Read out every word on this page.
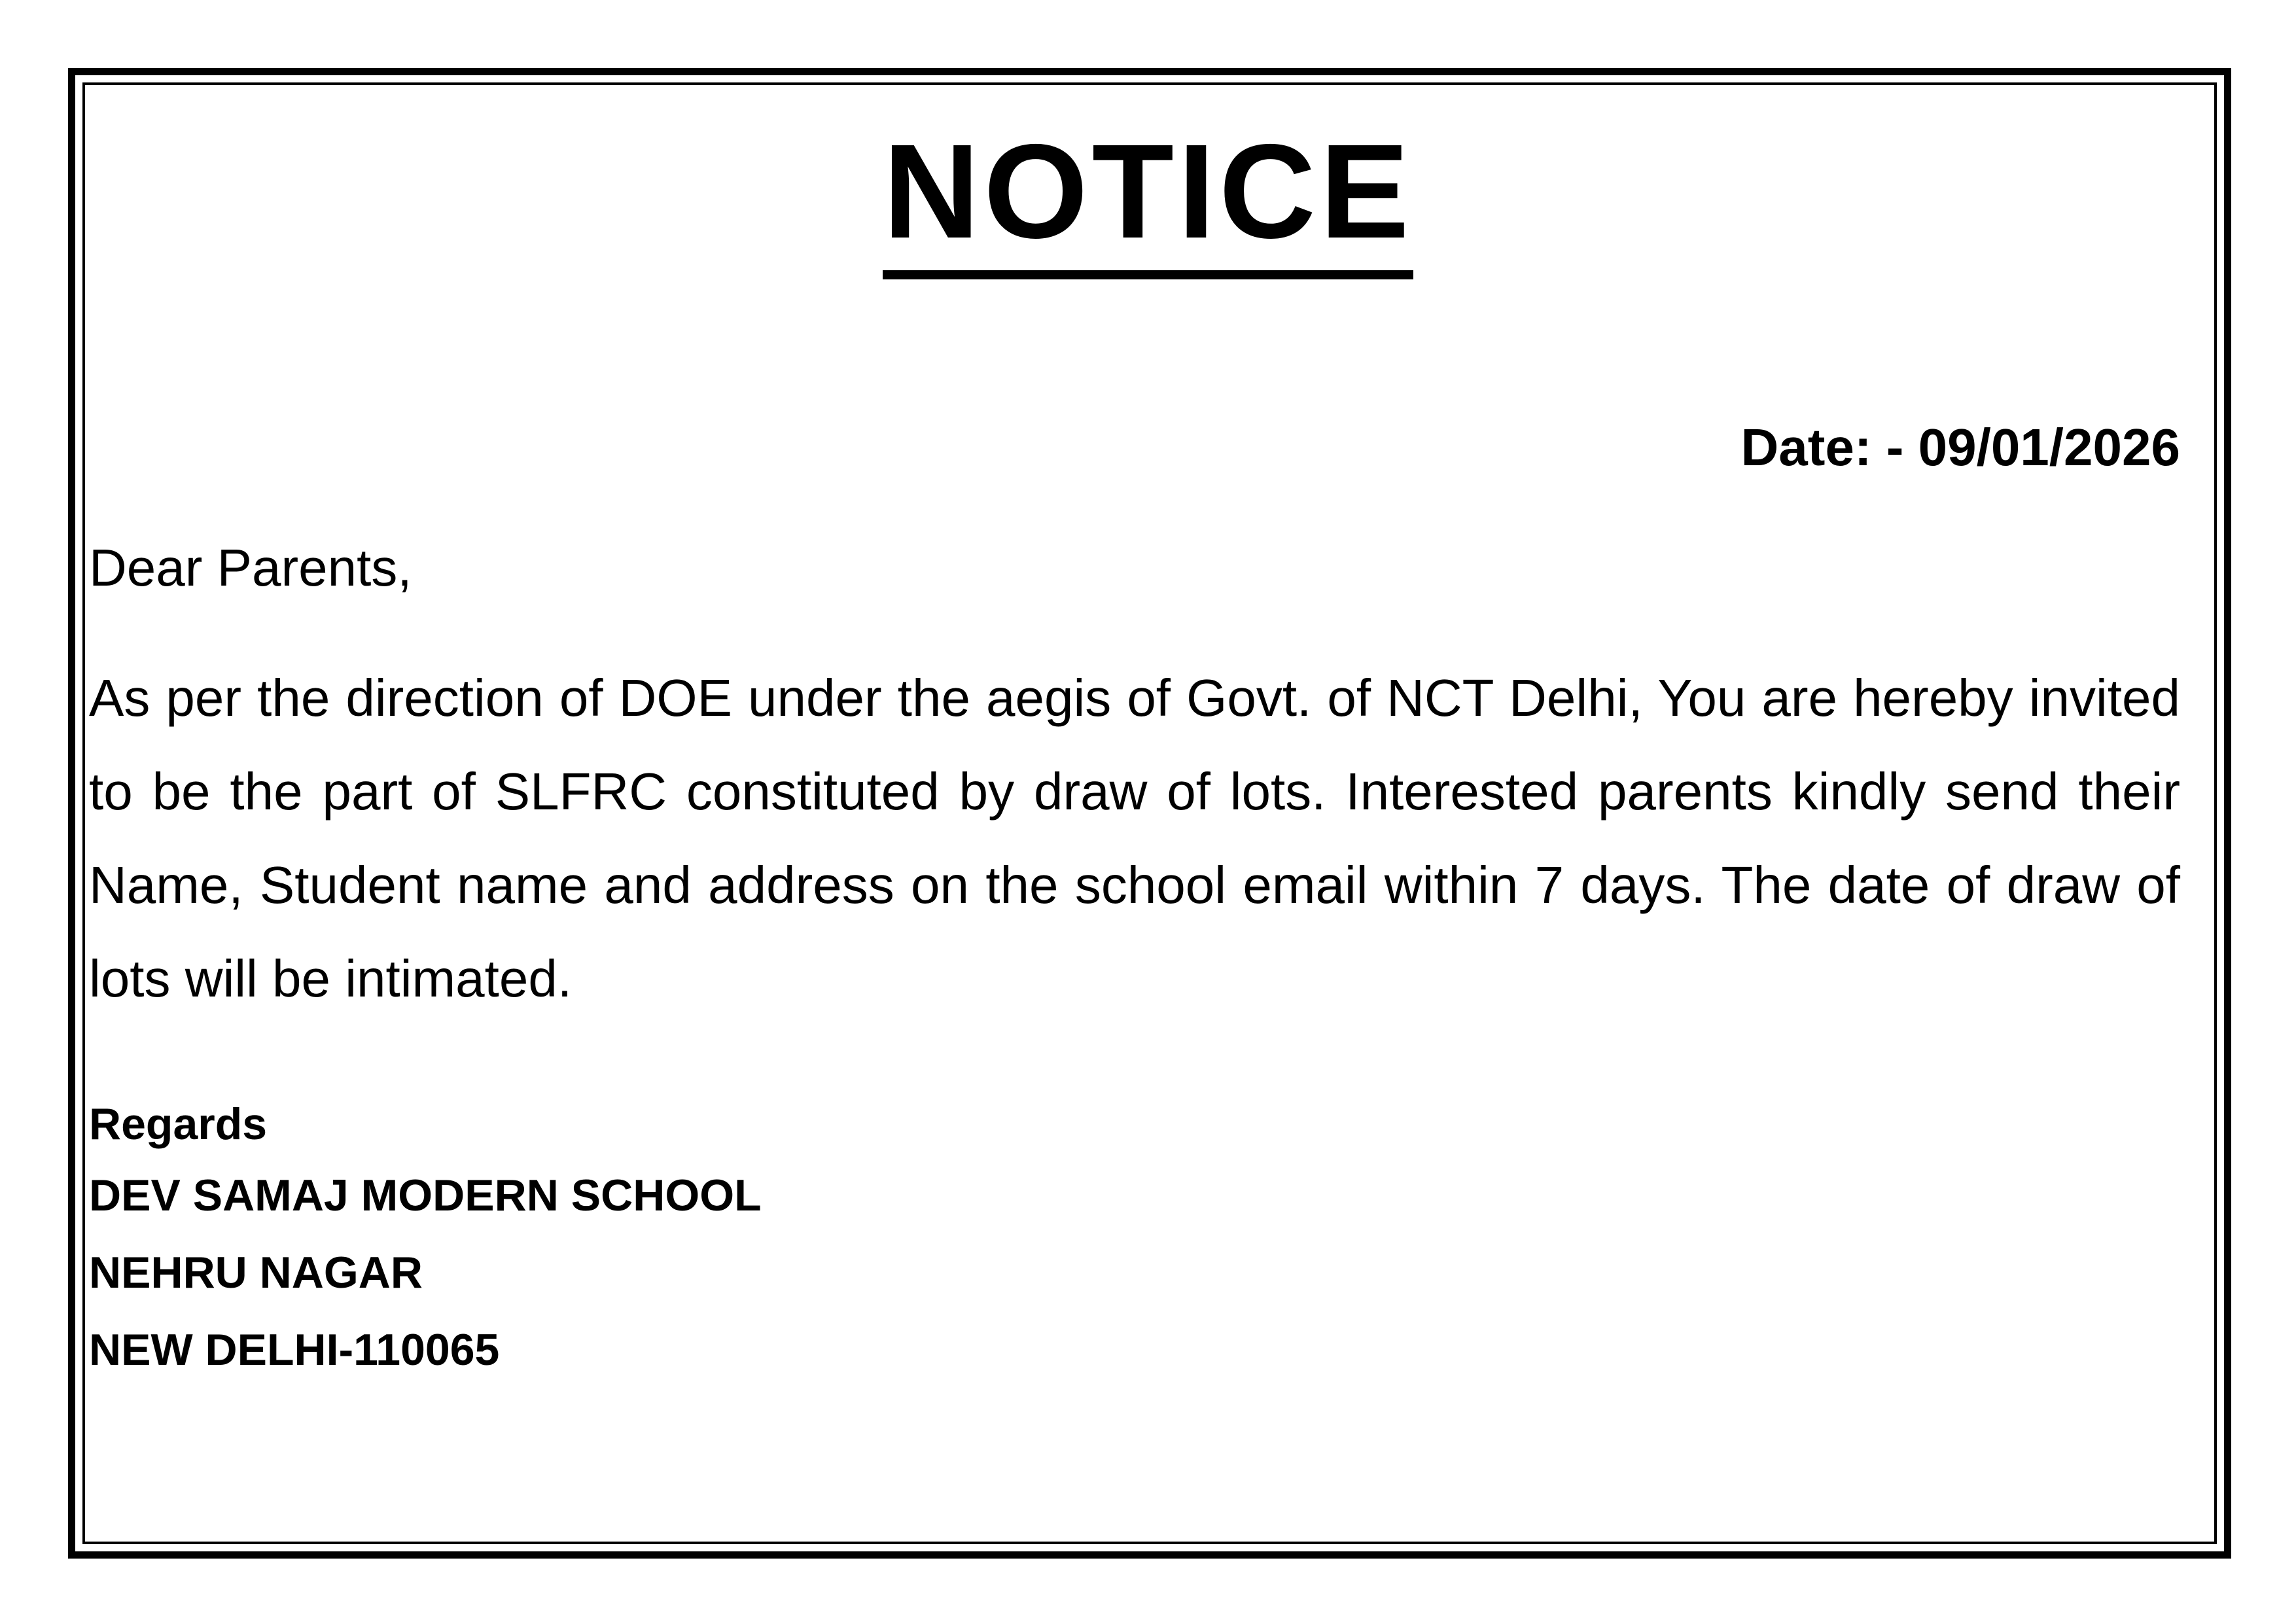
NOTICE
Date: - 09/01/2026
Dear Parents,

As per the direction of DOE under the aegis of Govt. of NCT Delhi, You are hereby invited to be the part of SLFRC constituted by draw of lots. Interested parents kindly send their Name, Student name and address on the school email within 7 days. The date of draw of lots will be intimated.

Regards
DEV SAMAJ MODERN SCHOOL
NEHRU NAGAR
NEW DELHI-110065
